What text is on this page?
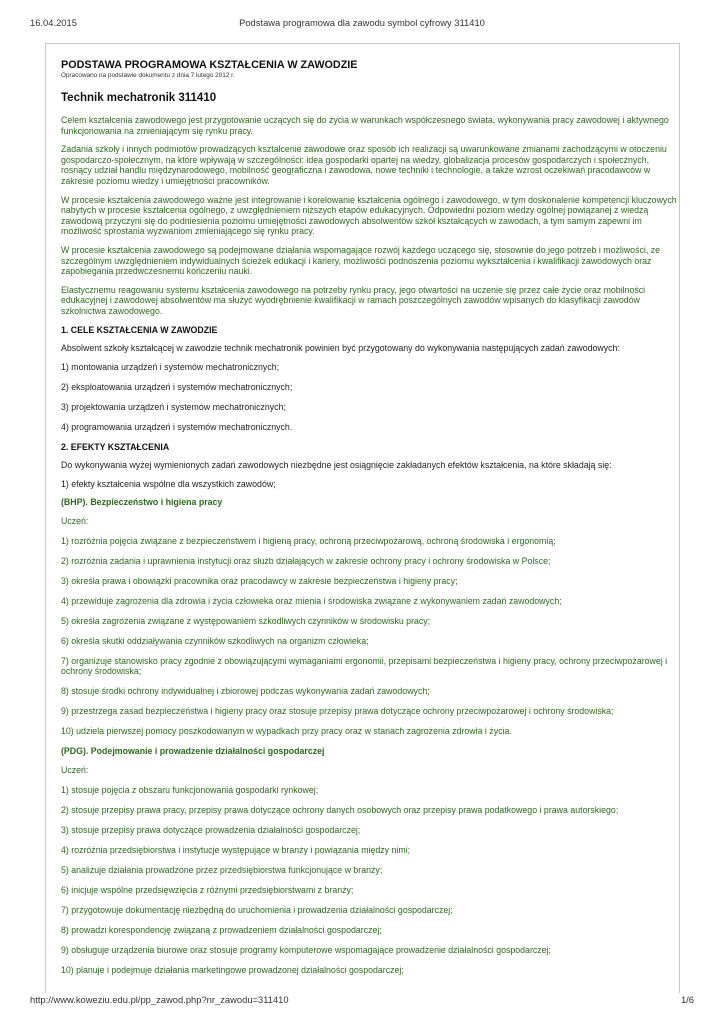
16.04.2015	Podstawa programowa dla zawodu symbol cyfrowy 311410
PODSTAWA PROGRAMOWA KSZTAŁCENIA W ZAWODZIE
Opracowano na podstawie dokumentu z dnia 7 lutego 2012 r.
Technik mechatronik 311410

Celem kształcenia zawodowego jest przygotowanie uczących się do życia w warunkach współczesnego świata, wykonywania pracy zawodowej i aktywnego funkcjonowania na zmieniającym się rynku pracy.

Zadania szkoły i innych podmiotów prowadzących kształcenie zawodowe oraz sposób ich realizacji są uwarunkowane zmianami zachodzącymi w otoczeniu gospodarczo-społecznym, na które wpływają w szczególności: idea gospodarki opartej na wiedzy, globalizacja procesów gospodarczych i społecznych, rosnący udział handlu międzynarodowego, mobilność geograficzna i zawodowa, nowe techniki i technologie, a także wzrost oczekiwań pracodawców w zakresie poziomu wiedzy i umiejętności pracowników.

W procesie kształcenia zawodowego ważne jest integrowanie i korelowanie kształcenia ogólnego i zawodowego, w tym doskonalenie kompetencji kluczowych nabytych w procesie kształcenia ogólnego, z uwzględnieniem niższych etapów edukacyjnych. Odpowiedni poziom wiedzy ogólnej powiązanej z wiedzą zawodową przyczyni się do podniesienia poziomu umiejętności zawodowych absolwentów szkół kształcących w zawodach, a tym samym zapewni im możliwość sprostania wyzwaniom zmieniającego się rynku pracy.

W procesie kształcenia zawodowego są podejmowane działania wspomagające rozwój każdego uczącego się, stosownie do jego potrzeb i możliwości, ze szczególnym uwzględnieniem indywidualnych ścieżek edukacji i kariery, możliwości podnoszenia poziomu wykształcenia i kwalifikacji zawodowych oraz zapobiegania przedwczesnemu kończeniu nauki.

Elastycznemu reagowaniu systemu kształcenia zawodowego na potrzeby rynku pracy, jego otwartości na uczenie się przez całe życie oraz mobilności edukacyjnej i zawodowej absolwentów ma służyć wyodrębnienie kwalifikacji w ramach poszczególnych zawodów wpisanych do klasyfikacji zawodów szkolnictwa zawodowego.

1. CELE KSZTAŁCENIA W ZAWODZIE

Absolwent szkoły kształcącej w zawodzie technik mechatronik powinien być przygotowany do wykonywania następujących zadań zawodowych:

1) montowania urządzeń i systemów mechatronicznych;

2) eksploatowania urządzeń i systemów mechatronicznych;

3) projektowania urządzeń i systemów mechatronicznych;

4) programowania urządzeń i systemów mechatronicznych.

2. EFEKTY KSZTAŁCENIA

Do wykonywania wyżej wymienionych zadań zawodowych niezbędne jest osiągnięcie zakładanych efektów kształcenia, na które składają się:

1) efekty kształcenia wspólne dla wszystkich zawodów;

(BHP). Bezpieczeństwo i higiena pracy

Uczeń:

1) rozróżnia pojęcia związane z bezpieczeństwem i higieną pracy, ochroną przeciwpożarową, ochroną środowiska i ergonomią;

2) rozróżnia zadania i uprawnienia instytucji oraz służb działających w zakresie ochrony pracy i ochrony środowiska w Polsce;

3) określa prawa i obowiązki pracownika oraz pracodawcy w zakresie bezpieczeństwa i higieny pracy;

4) przewiduje zagrożenia dla zdrowia i życia człowieka oraz mienia i środowiska związane z wykonywaniem zadań zawodowych;

5) określa zagrożenia związane z występowaniem szkodliwych czynników w środowisku pracy;

6) określa skutki oddziaływania czynników szkodliwych na organizm człowieka;

7) organizuje stanowisko pracy zgodnie z obowiązującymi wymaganiami ergonomii, przepisami bezpieczeństwa i higieny pracy, ochrony przeciwpożarowej i ochrony środowiska;

8) stosuje środki ochrony indywidualnej i zbiorowej podczas wykonywania zadań zawodowych;

9) przestrzega zasad bezpieczeństwa i higieny pracy oraz stosuje przepisy prawa dotyczące ochrony przeciwpożarowej i ochrony środowiska;

10) udziela pierwszej pomocy poszkodowanym w wypadkach przy pracy oraz w stanach zagrożenia zdrowia i życia.

(PDG). Podejmowanie i prowadzenie działalności gospodarczej

Uczeń:

1) stosuje pojęcia z obszaru funkcjonowania gospodarki rynkowej;

2) stosuje przepisy prawa pracy, przepisy prawa dotyczące ochrony danych osobowych oraz przepisy prawa podatkowego i prawa autorskiego;

3) stosuje przepisy prawa dotyczące prowadzenia działalności gospodarczej;

4) rozróżnia przedsiębiorstwa i instytucje występujące w branży i powiązania między nimi;

5) analizuje działania prowadzone przez przedsiębiorstwa funkcjonujące w branży;

6) inicjuje wspólne przedsięwzięcia z różnymi przedsiębiorstwami z branży;

7) przygotowuje dokumentację niezbędną do uruchomienia i prowadzenia działalności gospodarczej;

8) prowadzi korespondencję związaną z prowadzeniem działalności gospodarczej;

9) obsługuje urządzenia biurowe oraz stosuje programy komputerowe wspomagające prowadzenie działalności gospodarczej;

10) planuje i podejmuje działania marketingowe prowadzonej działalności gospodarczej;

http://www.koweziu.edu.pl/pp_zawod.php?nr_zawodu=311410	1/6
